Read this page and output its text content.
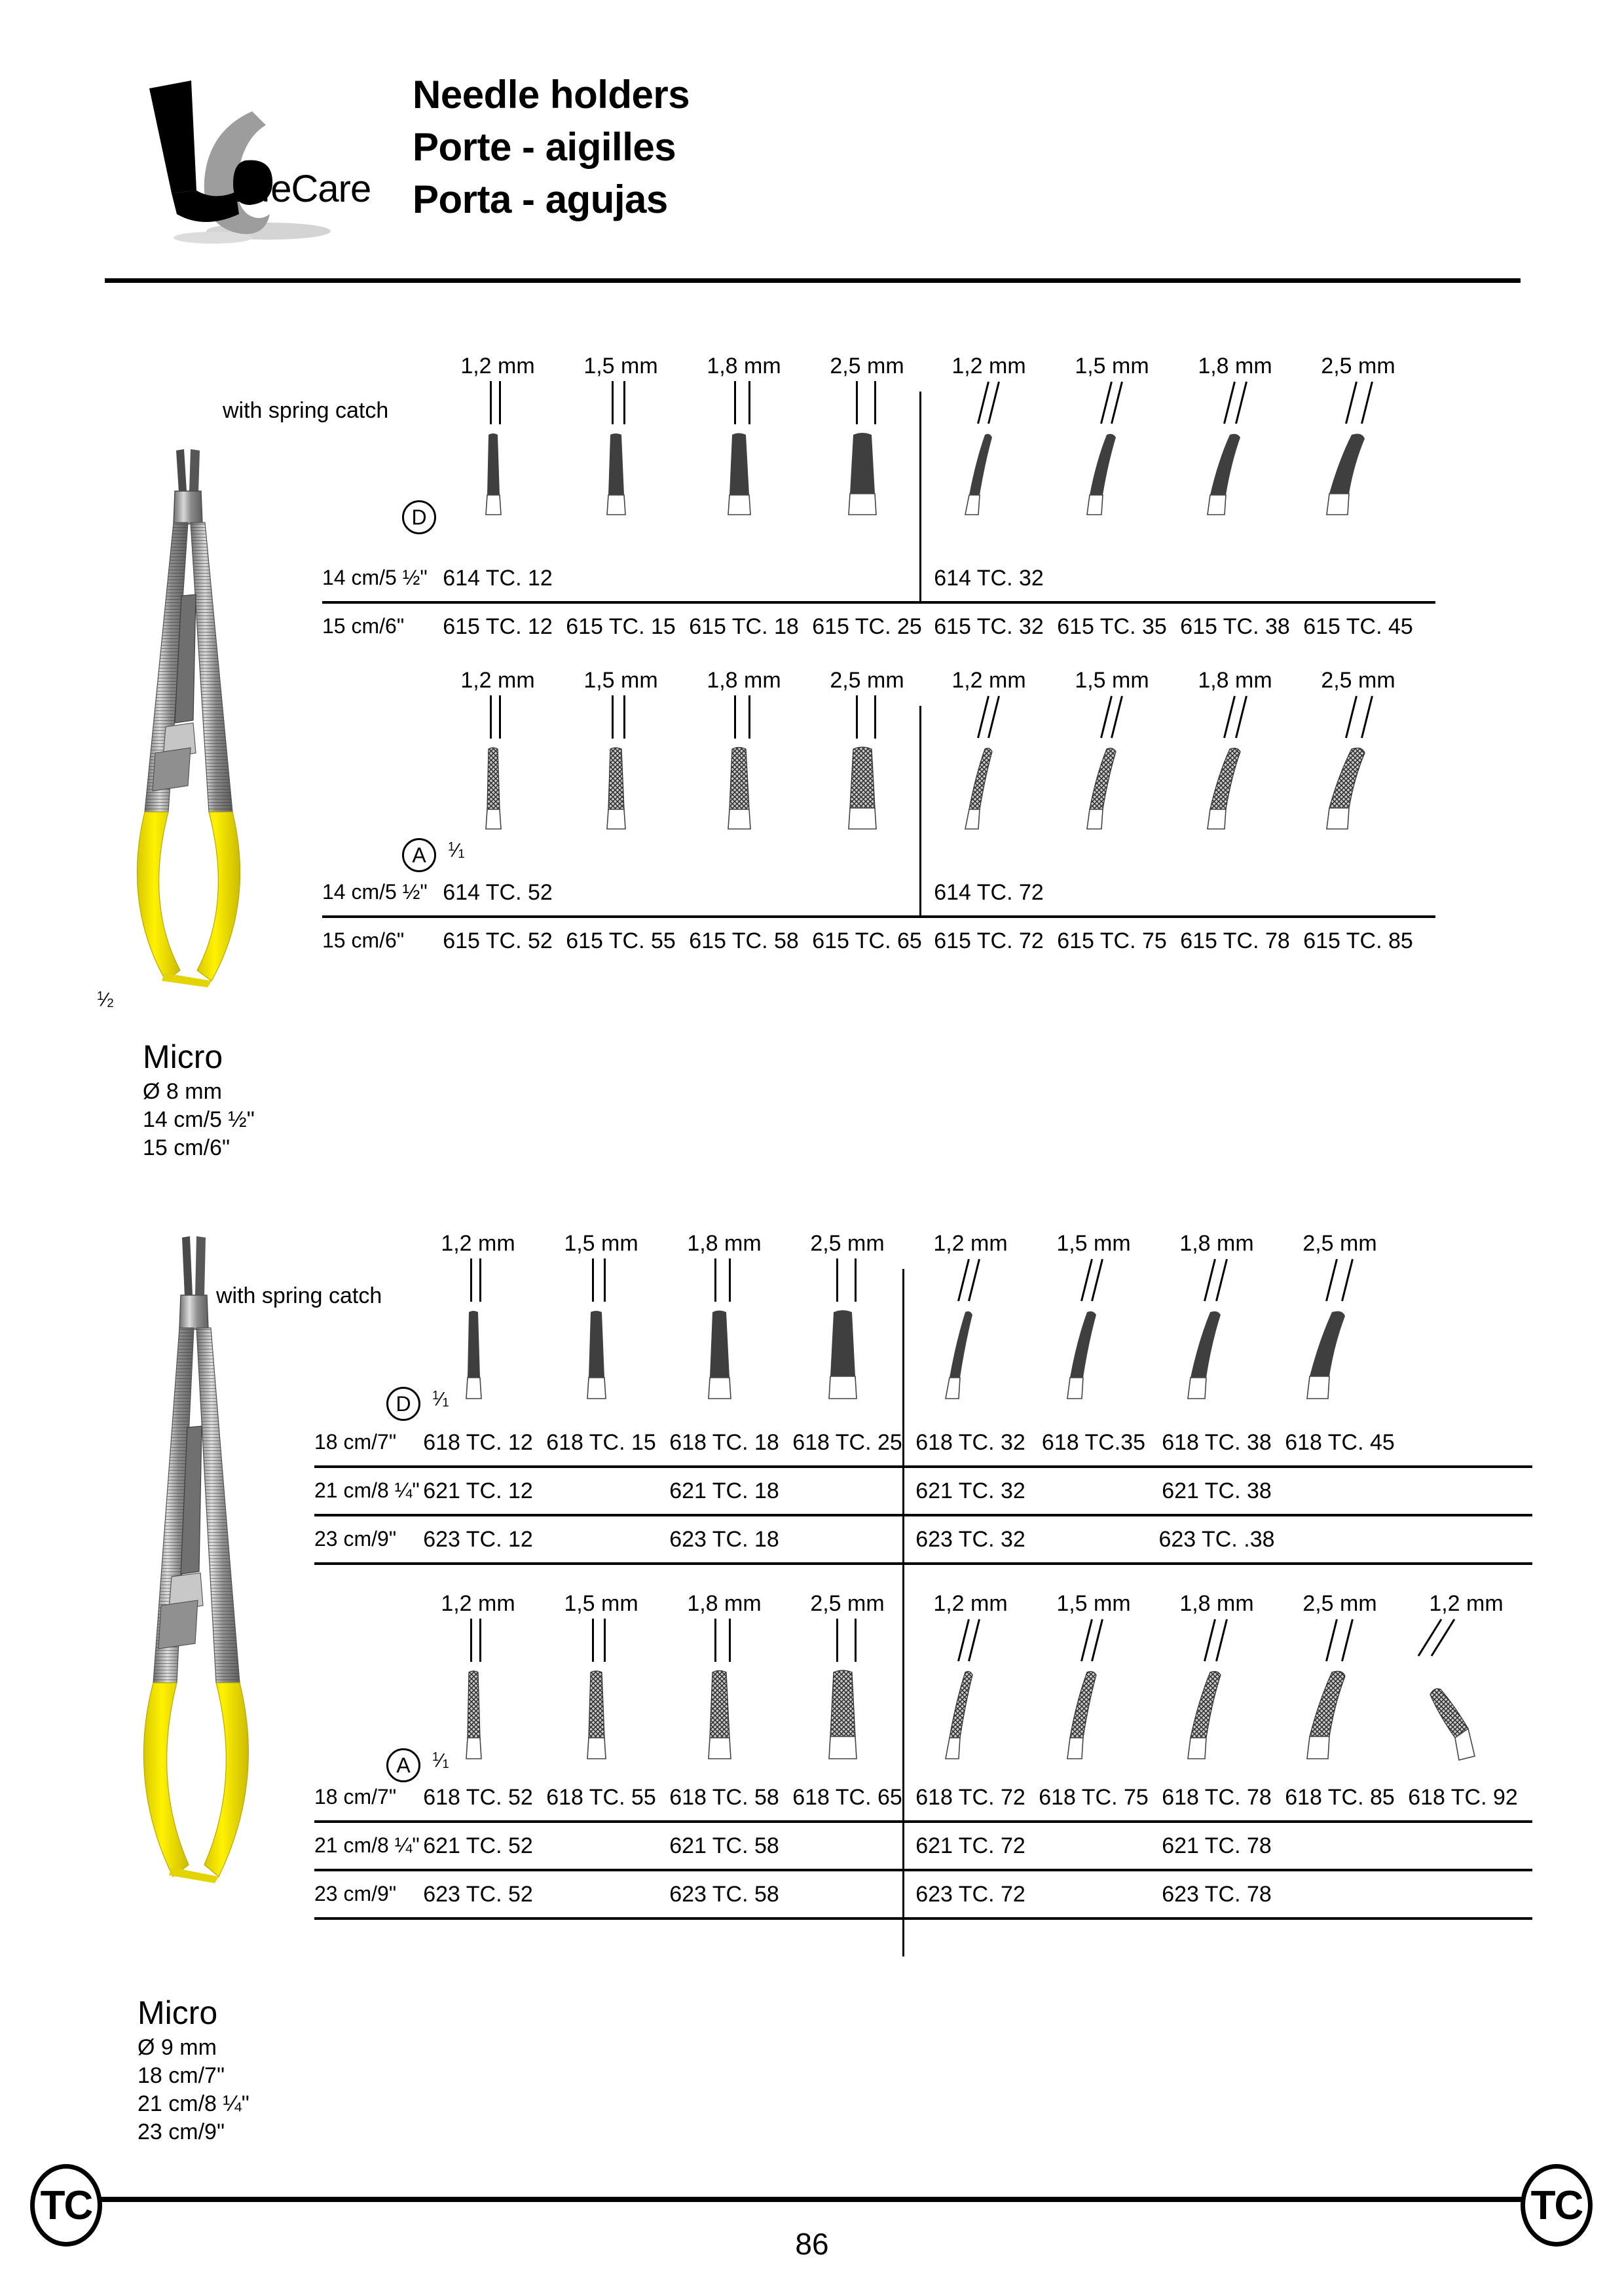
LifeCare
Needle holders
Porte - aigilles
Porta - agujas
$^1⁄_2$
with spring catch
D
1,2 mm	1,5 mm	1,8 mm	2,5 mm	1,2 mm	1,5 mm	1,8 mm	2,5 mm
14 cm/5 ½" 614 TC. 12	614 TC. 32
15 cm/6" 615 TC. 12 615 TC. 15 615 TC. 18 615 TC. 25 615 TC. 32 615 TC. 35 615 TC. 38 615 TC. 45
A	$^1⁄_1$
1,2 mm	1,5 mm	1,8 mm	2,5 mm	1,2 mm	1,5 mm	1,8 mm	2,5 mm
14 cm/5 ½" 614 TC. 52	614 TC. 72
15 cm/6" 615 TC. 52 615 TC. 55 615 TC. 58 615 TC. 65 615 TC. 72 615 TC. 75 615 TC. 78 615 TC. 85
Micro
Ø 8 mm
14 cm/5 ½"
15 cm/6"
with spring catch
D	$^1⁄_1$
1,2 mm	1,5 mm	1,8 mm	2,5 mm	1,2 mm	1,5 mm	1,8 mm	2,5 mm
18 cm/7" 618 TC. 12 618 TC. 15 618 TC. 18 618 TC. 25 618 TC. 32 618 TC.35 618 TC. 38 618 TC. 45
21 cm/8 ¼" 621 TC. 12	621 TC. 18	621 TC. 32	621 TC. 38
23 cm/9" 623 TC. 12	623 TC. 18	623 TC. 32	623 TC. .38
A	$^1⁄_1$
1,2 mm	1,5 mm	1,8 mm	2,5 mm	1,2 mm	1,5 mm	1,8 mm	2,5 mm	1,2 mm
18 cm/7" 618 TC. 52 618 TC. 55 618 TC. 58 618 TC. 65 618 TC. 72 618 TC. 75 618 TC. 78 618 TC. 85 618 TC. 92
21 cm/8 ¼" 621 TC. 52	621 TC. 58	621 TC. 72	621 TC. 78
23 cm/9" 623 TC. 52	623 TC. 58	623 TC. 72	623 TC. 78
Micro
Ø 9 mm
18 cm/7"
21 cm/8 ¼"
23 cm/9"
TC	TC
86
